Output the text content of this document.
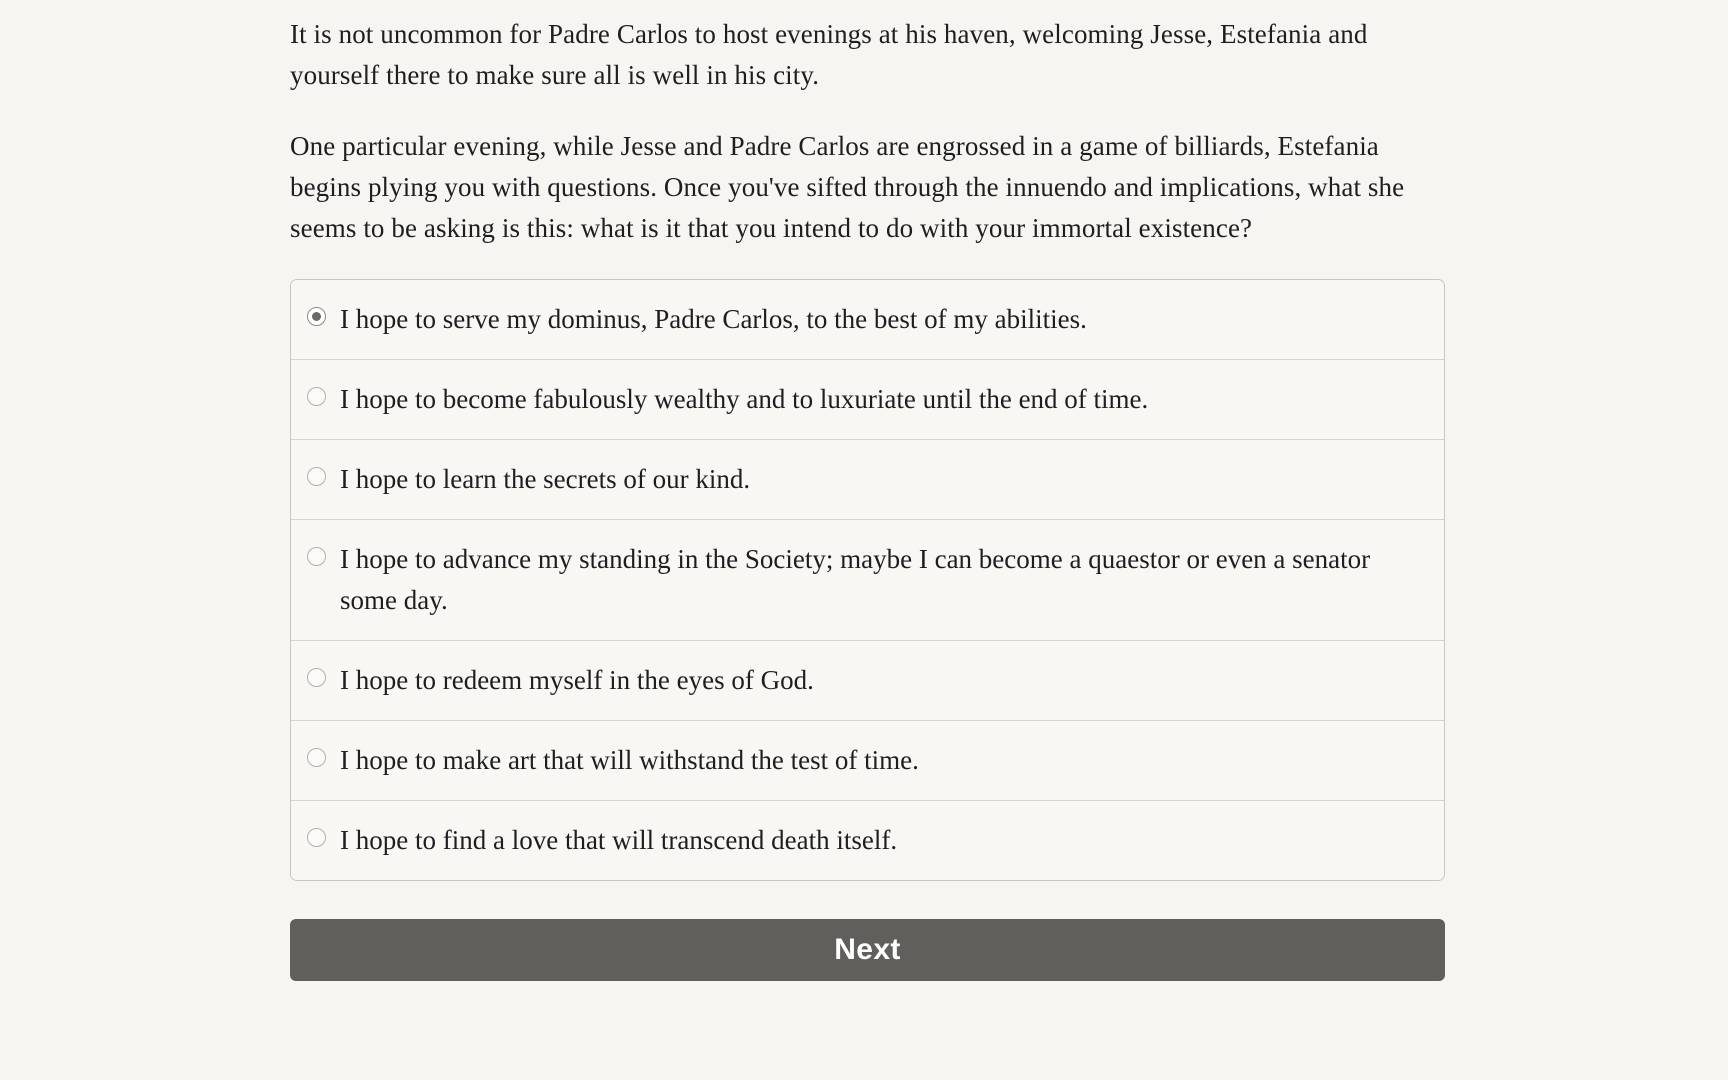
It is not uncommon for Padre Carlos to host evenings at his haven, welcoming Jesse, Estefania and yourself there to make sure all is well in his city.

One particular evening, while Jesse and Padre Carlos are engrossed in a game of billiards, Estefania begins plying you with questions. Once you've sifted through the innuendo and implications, what she seems to be asking is this: what is it that you intend to do with your immortal existence?

I hope to serve my dominus, Padre Carlos, to the best of my abilities.
I hope to become fabulously wealthy and to luxuriate until the end of time.
I hope to learn the secrets of our kind.
I hope to advance my standing in the Society; maybe I can become a quaestor or even a senator some day.
I hope to redeem myself in the eyes of God.
I hope to make art that will withstand the test of time.
I hope to find a love that will transcend death itself.
Next
